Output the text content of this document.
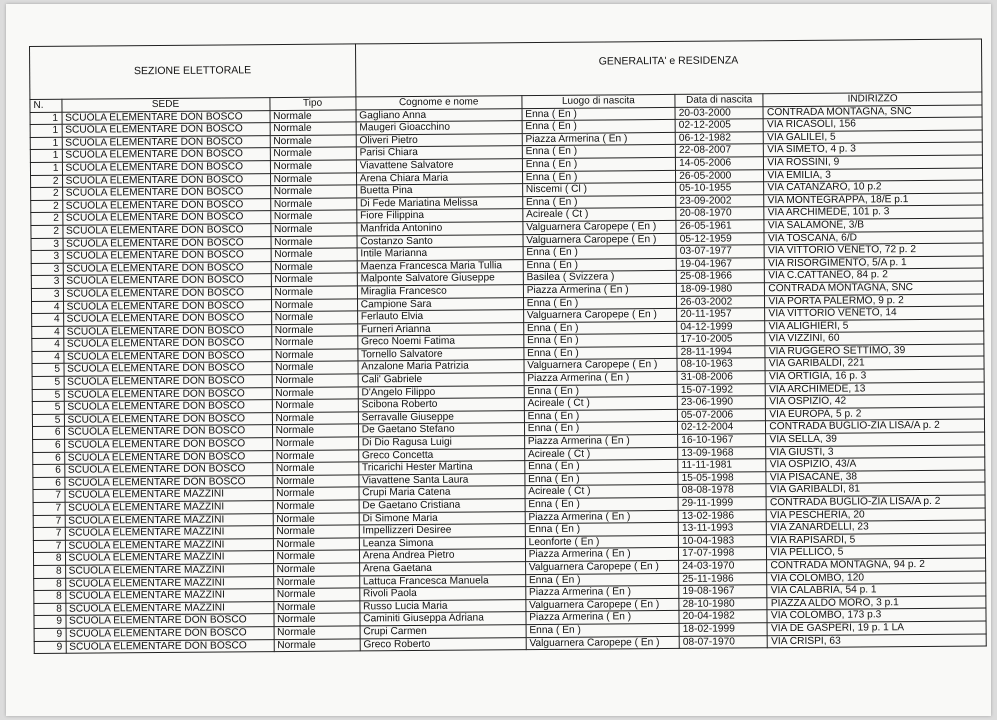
SEZIONE ELETTORALE			GENERALITA' e RESIDENZA			
N.	SEDE	Tipo	Cognome e nome	Luogo di nascita	Data di nascita	INDIRIZZO
1	SCUOLA ELEMENTARE DON BOSCO	Normale	Gagliano Anna	Enna ( En )	20-03-2000	CONTRADA MONTAGNA, SNC
1	SCUOLA ELEMENTARE DON BOSCO	Normale	Maugeri Gioacchino	Enna ( En )	02-12-2005	VIA RICASOLI, 156
1	SCUOLA ELEMENTARE DON BOSCO	Normale	Oliveri Pietro	Piazza Armerina ( En )	06-12-1982	VIA GALILEI, 5
1	SCUOLA ELEMENTARE DON BOSCO	Normale	Parisi Chiara	Enna ( En )	22-08-2007	VIA SIMETO, 4 p. 3
1	SCUOLA ELEMENTARE DON BOSCO	Normale	Viavattene Salvatore	Enna ( En )	14-05-2006	VIA ROSSINI, 9
2	SCUOLA ELEMENTARE DON BOSCO	Normale	Arena Chiara Maria	Enna ( En )	26-05-2000	VIA EMILIA, 3
2	SCUOLA ELEMENTARE DON BOSCO	Normale	Buetta Pina	Niscemi ( Cl )	05-10-1955	VIA CATANZARO, 10 p.2
2	SCUOLA ELEMENTARE DON BOSCO	Normale	Di Fede Mariatina Melissa	Enna ( En )	23-09-2002	VIA MONTEGRAPPA, 18/E p.1
2	SCUOLA ELEMENTARE DON BOSCO	Normale	Fiore Filippina	Acireale ( Ct )	20-08-1970	VIA ARCHIMEDE, 101 p. 3
2	SCUOLA ELEMENTARE DON BOSCO	Normale	Manfrida Antonino	Valguarnera Caropepe ( En )	26-05-1961	VIA SALAMONE, 3/B
3	SCUOLA ELEMENTARE DON BOSCO	Normale	Costanzo Santo	Valguarnera Caropepe ( En )	05-12-1959	VIA TOSCANA, 6/D
3	SCUOLA ELEMENTARE DON BOSCO	Normale	Intile Marianna	Enna ( En )	03-07-1977	VIA VITTORIO VENETO, 72 p. 2
3	SCUOLA ELEMENTARE DON BOSCO	Normale	Maenza Francesca Maria Tullia	Enna ( En )	19-04-1967	VIA RISORGIMENTO, 5/A p. 1
3	SCUOLA ELEMENTARE DON BOSCO	Normale	Malponte Salvatore Giuseppe	Basilea ( Svizzera )	25-08-1966	VIA C.CATTANEO, 84 p. 2
3	SCUOLA ELEMENTARE DON BOSCO	Normale	Miraglia Francesco	Piazza Armerina ( En )	18-09-1980	CONTRADA MONTAGNA, SNC
4	SCUOLA ELEMENTARE DON BOSCO	Normale	Campione Sara	Enna ( En )	26-03-2002	VIA PORTA PALERMO, 9 p. 2
4	SCUOLA ELEMENTARE DON BOSCO	Normale	Ferlauto Elvia	Valguarnera Caropepe ( En )	20-11-1957	VIA VITTORIO VENETO, 14
4	SCUOLA ELEMENTARE DON BOSCO	Normale	Furneri Arianna	Enna ( En )	04-12-1999	VIA ALIGHIERI, 5
4	SCUOLA ELEMENTARE DON BOSCO	Normale	Greco Noemi Fatima	Enna ( En )	17-10-2005	VIA VIZZINI, 60
4	SCUOLA ELEMENTARE DON BOSCO	Normale	Tornello Salvatore	Enna ( En )	28-11-1994	VIA RUGGERO SETTIMO, 39
5	SCUOLA ELEMENTARE DON BOSCO	Normale	Anzalone Maria Patrizia	Valguarnera Caropepe ( En )	08-10-1963	VIA GARIBALDI, 221
5	SCUOLA ELEMENTARE DON BOSCO	Normale	Cali' Gabriele	Piazza Armerina ( En )	31-08-2006	VIA ORTIGIA, 16 p. 3
5	SCUOLA ELEMENTARE DON BOSCO	Normale	D'Angelo Filippo	Enna ( En )	15-07-1992	VIA ARCHIMEDE, 13
5	SCUOLA ELEMENTARE DON BOSCO	Normale	Scibona Roberto	Acireale ( Ct )	23-06-1990	VIA OSPIZIO, 42
5	SCUOLA ELEMENTARE DON BOSCO	Normale	Serravalle Giuseppe	Enna ( En )	05-07-2006	VIA EUROPA, 5 p. 2
6	SCUOLA ELEMENTARE DON BOSCO	Normale	De Gaetano Stefano	Enna ( En )	02-12-2004	CONTRADA BUGLIO-ZIA LISA/A p. 2
6	SCUOLA ELEMENTARE DON BOSCO	Normale	Di Dio Ragusa Luigi	Piazza Armerina ( En )	16-10-1967	VIA SELLA, 39
6	SCUOLA ELEMENTARE DON BOSCO	Normale	Greco Concetta	Acireale ( Ct )	13-09-1968	VIA GIUSTI, 3
6	SCUOLA ELEMENTARE DON BOSCO	Normale	Tricarichi Hester Martina	Enna ( En )	11-11-1981	VIA OSPIZIO, 43/A
6	SCUOLA ELEMENTARE DON BOSCO	Normale	Viavattene Santa Laura	Enna ( En )	15-05-1998	VIA PISACANE, 38
7	SCUOLA ELEMENTARE MAZZINI	Normale	Crupi Maria Catena	Acireale ( Ct )	08-08-1978	VIA GARIBALDI, 81
7	SCUOLA ELEMENTARE MAZZINI	Normale	De Gaetano Cristiana	Enna ( En )	29-11-1999	CONTRADA BUGLIO-ZIA LISA/A p. 2
7	SCUOLA ELEMENTARE MAZZINI	Normale	Di Simone Maria	Piazza Armerina ( En )	13-02-1986	VIA PESCHERIA, 20
7	SCUOLA ELEMENTARE MAZZINI	Normale	Impellizzeri Desiree	Enna ( En )	13-11-1993	VIA ZANARDELLI, 23
7	SCUOLA ELEMENTARE MAZZINI	Normale	Leanza Simona	Leonforte ( En )	10-04-1983	VIA RAPISARDI, 5
8	SCUOLA ELEMENTARE MAZZINI	Normale	Arena Andrea Pietro	Piazza Armerina ( En )	17-07-1998	VIA PELLICO, 5
8	SCUOLA ELEMENTARE MAZZINI	Normale	Arena Gaetana	Valguarnera Caropepe ( En )	24-03-1970	CONTRADA MONTAGNA, 94 p. 2
8	SCUOLA ELEMENTARE MAZZINI	Normale	Lattuca Francesca Manuela	Enna ( En )	25-11-1986	VIA COLOMBO, 120
8	SCUOLA ELEMENTARE MAZZINI	Normale	Rivoli Paola	Piazza Armerina ( En )	19-08-1967	VIA CALABRIA, 54 p. 1
8	SCUOLA ELEMENTARE MAZZINI	Normale	Russo Lucia Maria	Valguarnera Caropepe ( En )	28-10-1980	PIAZZA ALDO MORO, 3 p.1
9	SCUOLA ELEMENTARE DON BOSCO	Normale	Caminiti Giuseppa Adriana	Piazza Armerina ( En )	20-04-1982	VIA COLOMBO, 173 p.3
9	SCUOLA ELEMENTARE DON BOSCO	Normale	Crupi Carmen	Enna ( En )	18-02-1999	VIA DE GASPERI, 19 p. 1 LA
9	SCUOLA ELEMENTARE DON BOSCO	Normale	Greco Roberto	Valguarnera Caropepe ( En )	08-07-1970	VIA CRISPI, 63
